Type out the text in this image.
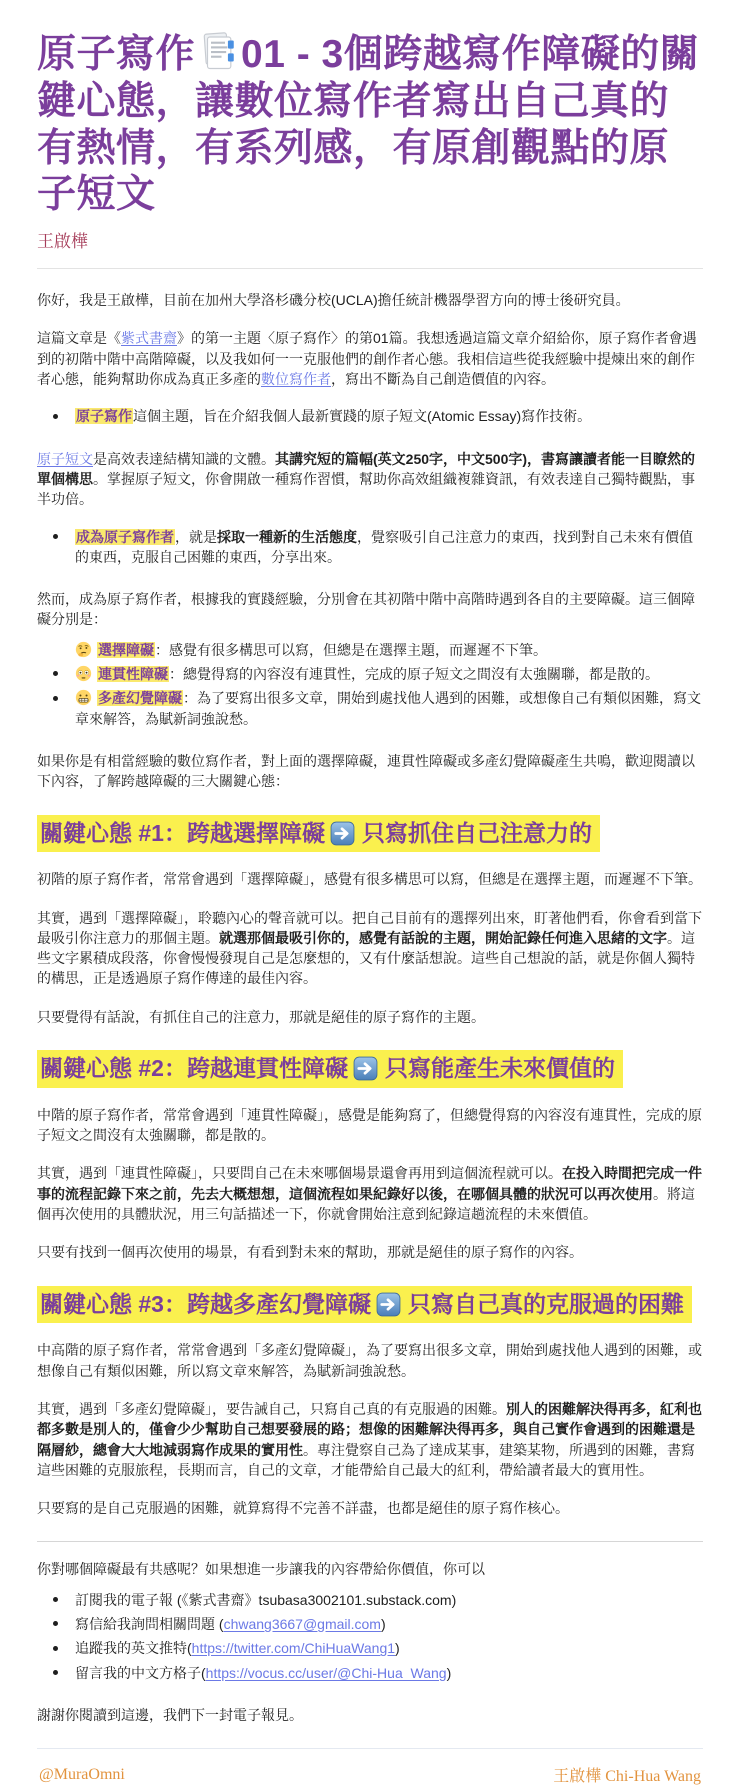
原子寫作 01 - 3個跨越寫作障礙的關鍵心態，讓數位寫作者寫出自己真的有熱情，有系列感，有原創觀點的原子短文
王啟樺

你好，我是王啟樺，目前在加州大學洛杉磯分校(UCLA)擔任統計機器學習方向的博士後研究員。

這篇文章是《紫式書齋》的第一主題〈原子寫作〉的第01篇。我想透過這篇文章介紹給你，原子寫作者會遇到的初階中階中高階障礙，以及我如何一一克服他們的創作者心態。我相信這些從我經驗中提煉出來的創作者心態，能夠幫助你成為真正多產的數位寫作者，寫出不斷為自己創造價值的內容。

原子寫作這個主題，旨在介紹我個人最新實踐的原子短文(Atomic Essay)寫作技術。

原子短文是高效表達結構知識的文體。其講究短的篇幅(英文250字，中文500字)，書寫讓讀者能一目瞭然的單個構思。掌握原子短文，你會開啟一種寫作習慣，幫助你高效組織複雜資訊，有效表達自己獨特觀點，事半功倍。

成為原子寫作者，就是採取一種新的生活態度，覺察吸引自己注意力的東西，找到對自己未來有價值的東西，克服自己困難的東西，分享出來。

然而，成為原子寫作者，根據我的實踐經驗，分別會在其初階中階中高階時遇到各自的主要障礙。這三個障礙分別是：

選擇障礙：感覺有很多構思可以寫，但總是在選擇主題，而遲遲不下筆。
連貫性障礙：總覺得寫的內容沒有連貫性，完成的原子短文之間沒有太強關聯，都是散的。
多產幻覺障礙：為了要寫出很多文章，開始到處找他人遇到的困難，或想像自己有類似困難，寫文章來解答，為賦新詞強說愁。

如果你是有相當經驗的數位寫作者，對上面的選擇障礙，連貫性障礙或多產幻覺障礙產生共鳴，歡迎閱讀以下內容，了解跨越障礙的三大關鍵心態：

關鍵心態 #1：跨越選擇障礙 只寫抓住自己注意力的

初階的原子寫作者，常常會遇到「選擇障礙」，感覺有很多構思可以寫，但總是在選擇主題，而遲遲不下筆。

其實，遇到「選擇障礙」，聆聽內心的聲音就可以。把自己目前有的選擇列出來，盯著他們看，你會看到當下最吸引你注意力的那個主題。就選那個最吸引你的，感覺有話說的主題，開始記錄任何進入思緒的文字。這些文字累積成段落，你會慢慢發現自己是怎麼想的，又有什麼話想說。這些自己想說的話，就是你個人獨特的構思，正是透過原子寫作傳達的最佳內容。

只要覺得有話說，有抓住自己的注意力，那就是絕佳的原子寫作的主題。

關鍵心態 #2：跨越連貫性障礙 只寫能產生未來價值的

中階的原子寫作者，常常會遇到「連貫性障礙」，感覺是能夠寫了，但總覺得寫的內容沒有連貫性，完成的原子短文之間沒有太強關聯，都是散的。

其實，遇到「連貫性障礙」，只要問自己在未來哪個場景還會再用到這個流程就可以。在投入時間把完成一件事的流程記錄下來之前，先去大概想想，這個流程如果紀錄好以後，在哪個具體的狀況可以再次使用。將這個再次使用的具體狀況，用三句話描述一下，你就會開始注意到紀錄這趟流程的未來價值。

只要有找到一個再次使用的場景，有看到對未來的幫助，那就是絕佳的原子寫作的內容。

關鍵心態 #3：跨越多產幻覺障礙 只寫自己真的克服過的困難

中高階的原子寫作者，常常會遇到「多產幻覺障礙」，為了要寫出很多文章，開始到處找他人遇到的困難，或想像自己有類似困難，所以寫文章來解答，為賦新詞強說愁。

其實，遇到「多產幻覺障礙」，要告誡自己，只寫自己真的有克服過的困難。別人的困難解決得再多，紅利也都多數是別人的，僅會少少幫助自己想要發展的路；想像的困難解決得再多，與自己實作會遇到的困難還是隔層紗，總會大大地減弱寫作成果的實用性。專注覺察自己為了達成某事，建築某物，所遇到的困難，書寫這些困難的克服旅程，長期而言，自己的文章，才能帶給自己最大的紅利，帶給讀者最大的實用性。

只要寫的是自己克服過的困難，就算寫得不完善不詳盡，也都是絕佳的原子寫作核心。

你對哪個障礙最有共感呢？如果想進一步讓我的內容帶給你價值，你可以

訂閱我的電子報 (《紫式書齋》tsubasa3002101.substack.com)
寫信給我詢問相關問題 (chwang3667@gmail.com)
追蹤我的英文推特(https://twitter.com/ChiHuaWang1)
留言我的中文方格子(https://vocus.cc/user/@Chi-Hua_Wang)

謝謝你閱讀到這邊，我們下一封電子報見。

@MuraOmni	王啟樺 Chi-Hua Wang
